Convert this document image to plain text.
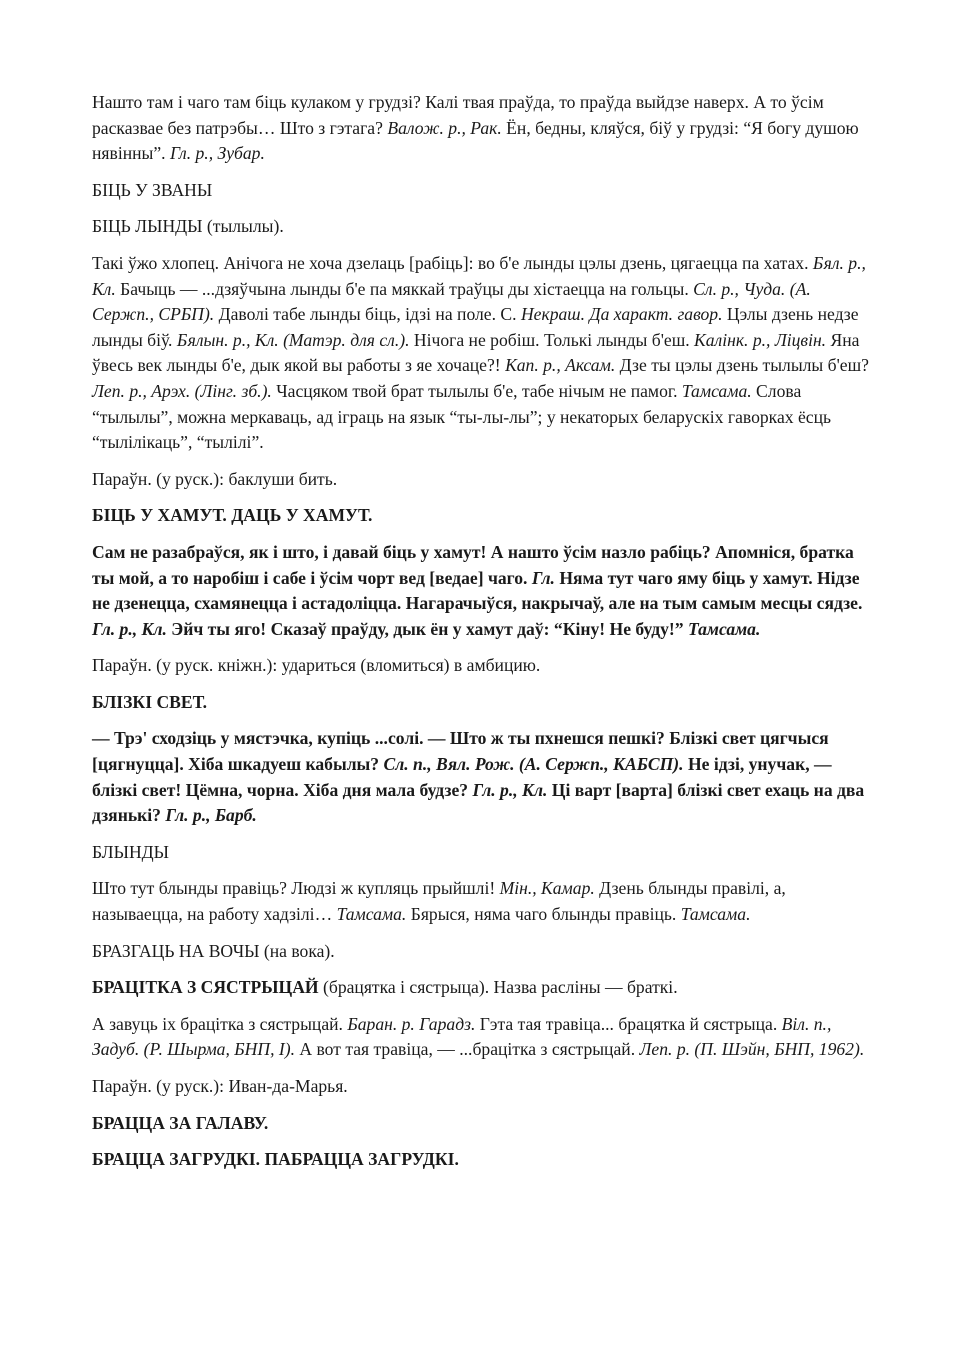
Нашто там і чаго там біць кулаком у грудзі? Калі твая праўда, то праўда выйдзе наверх. А то ўсім расказвае без патрэбы… Што з гэтага? Валож. р., Рак. Ён, бедны, кляўся, біў у грудзі: “Я богу душою нявінны”. Гл. р., Зубар.

БІЦЬ У ЗВАНЫ

БІЦЬ ЛЫНДЫ (тылылы).

Такі ўжо хлопец. Анічога не хоча дзелаць [рабіць]: во б'е лынды цэлы дзень, цягаецца па хатах. Бял. р., Кл. Бачыць — ...дзяўчына лынды б'е па мяккай траўцы ды хістаецца на гольцы. Сл. р., Чуда. (А. Сержп., СРБП). Даволі табе лынды біць, ідзі на поле. С. Некраш. Да характ. гавор. Цэлы дзень недзе лынды біў. Бялын. р., Кл. (Матэр. для сл.). Нічога не робіш. Толькі лынды б'еш. Калінк. р., Ліцвін. Яна ўвесь век лынды б'е, дык якой вы работы з яе хочаце?! Кап. р., Аксам. Дзе ты цэлы дзень тылылы б'еш? Леп. р., Арэх. (Лінг. зб.). Часцяком твой брат тылылы б'е, табе нічым не памог. Тамсама. Слова “тылылы”, можна меркаваць, ад іграць на язык “ты-лы-лы”; у некаторых беларускіх гаворках ёсць “тылілікаць”, “тылілі”.

Параўн. (у руск.): баклуши бить.

БІЦЬ У ХАМУТ. ДАЦЬ У ХАМУТ.

Сам не разабраўся, як і што, і давай біць у хамут! А нашто ўсім назло рабіць? Апомніся, братка ты мой, а то наробіш і сабе і ўсім чорт вед [ведае] чаго. Гл. Няма тут чаго яму біць у хамут. Нідзе не дзенецца, схамянецца і астадоліцца. Нагарачыўся, накрычаў, але на тым самым месцы сядзе. Гл. р., Кл. Эйч ты яго! Сказаў праўду, дык ён у хамут даў: “Кіну! Не буду!” Тамсама.

Параўн. (у руск. кніжн.): удариться (вломиться) в амбицию.

БЛІЗКІ СВЕТ.

— Трэ' сходзіць у мястэчка, купіць ...солі. — Што ж ты пхнешся пешкі? Блізкі свет цягчыся [цягнуцца]. Хіба шкадуеш кабылы? Сл. п., Вял. Рож. (А. Сержп., КАБСП). Не ідзі, унучак, — блізкі свет! Цёмна, чорна. Хіба дня мала будзе? Гл. р., Кл. Ці варт [варта] блізкі свет ехаць на два дзянькі? Гл. р., Барб.

БЛЫНДЫ

Што тут блынды правіць? Людзі ж купляць прыйшлі! Мін., Камар. Дзень блынды правілі, а, называецца, на работу хадзілі… Тамсама. Бярыся, няма чаго блынды правіць. Тамсама.

БРАЗГАЦЬ НА ВОЧЫ (на вока).

БРАЦІТКА З СЯСТРЫЦАЙ (брацятка і сястрыца). Назва расліны — браткі.

А завуць іх брацітка з сястрыцай. Баран. р. Гарадз. Гэта тая травіца... брацятка й сястрыца. Віл. п., Задуб. (Р. Шырма, БНП, I). А вот тая травіца, — ...брацітка з сястрыцай. Леп. р. (П. Шэйн, БНП, 1962).

Параўн. (у руск.): Иван-да-Марья.

БРАЦЦА ЗА ГАЛАВУ.

БРАЦЦА ЗАГРУДКІ. ПАБРАЦЦА ЗАГРУДКІ.
